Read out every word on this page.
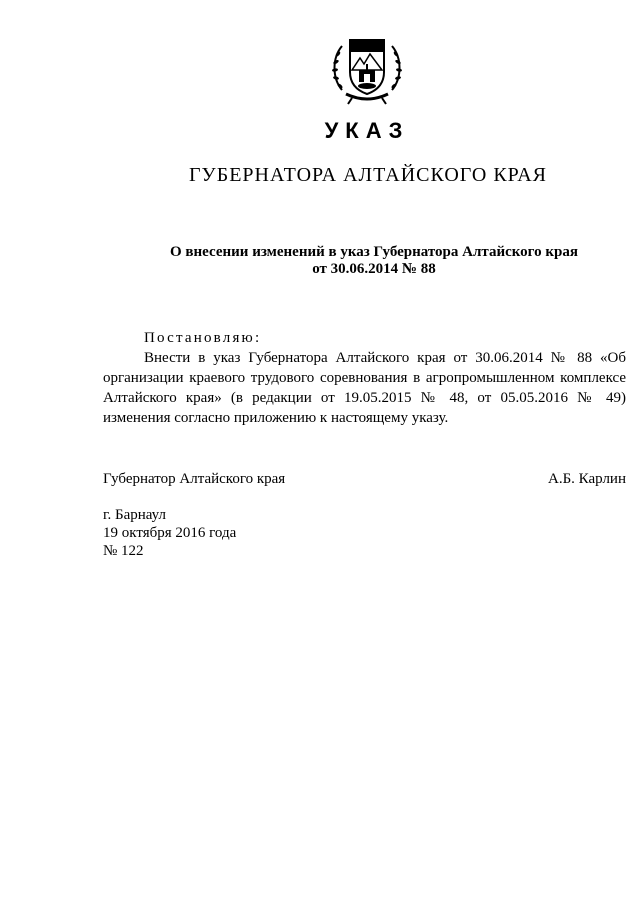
УКАЗ
ГУБЕРНАТОРА АЛТАЙСКОГО КРАЯ
О внесении изменений в указ Губернатора Алтайского края
от 30.06.2014 № 88
Постановляю:

Внести в указ Губернатора Алтайского края от 30.06.2014 № 88 «Об организации краевого трудового соревнования в агропромышленном комплексе Алтайского края» (в редакции от 19.05.2015 № 48, от 05.05.2016 № 49) изменения согласно приложению к настоящему указу.

Губернатор Алтайского края	А.Б. Карлин
г. Барнаул
19 октября 2016 года
№ 122
